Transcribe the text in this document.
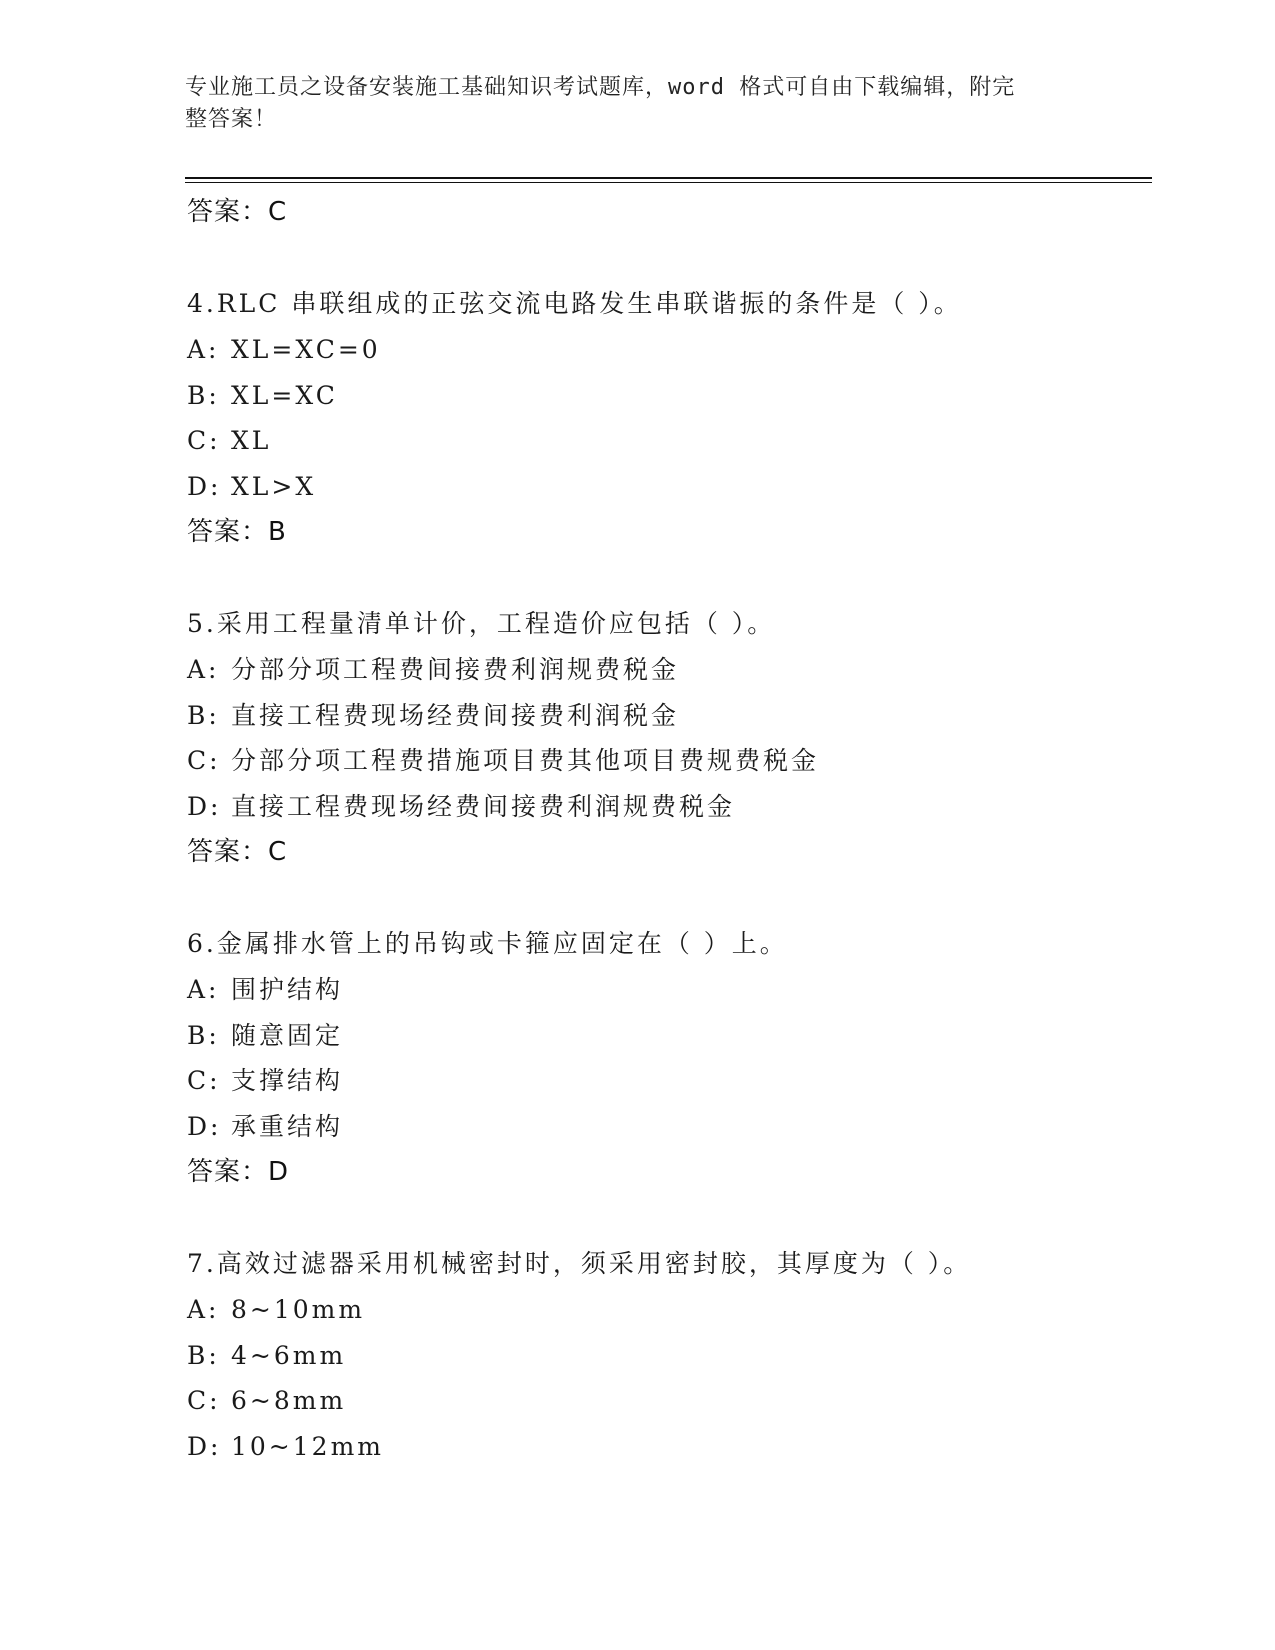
专业施工员之设备安装施工基础知识考试题库，word 格式可自由下载编辑，附完
整答案！
答案：C
4.RLC 串联组成的正弦交流电路发生串联谐振的条件是（ ）。
A: XL=XC=0
B: XL=XC
C: XL
D: XL>X
答案：B
5.采用工程量清单计价，工程造价应包括（ ）。
A: 分部分项工程费间接费利润规费税金
B: 直接工程费现场经费间接费利润税金
C: 分部分项工程费措施项目费其他项目费规费税金
D: 直接工程费现场经费间接费利润规费税金
答案：C
6.金属排水管上的吊钩或卡箍应固定在（ ）上。
A: 围护结构
B: 随意固定
C: 支撑结构
D: 承重结构
答案：D
7.高效过滤器采用机械密封时，须采用密封胶，其厚度为（ ）。
A: 8~10mm
B: 4~6mm
C: 6~8mm
D: 10~12mm
